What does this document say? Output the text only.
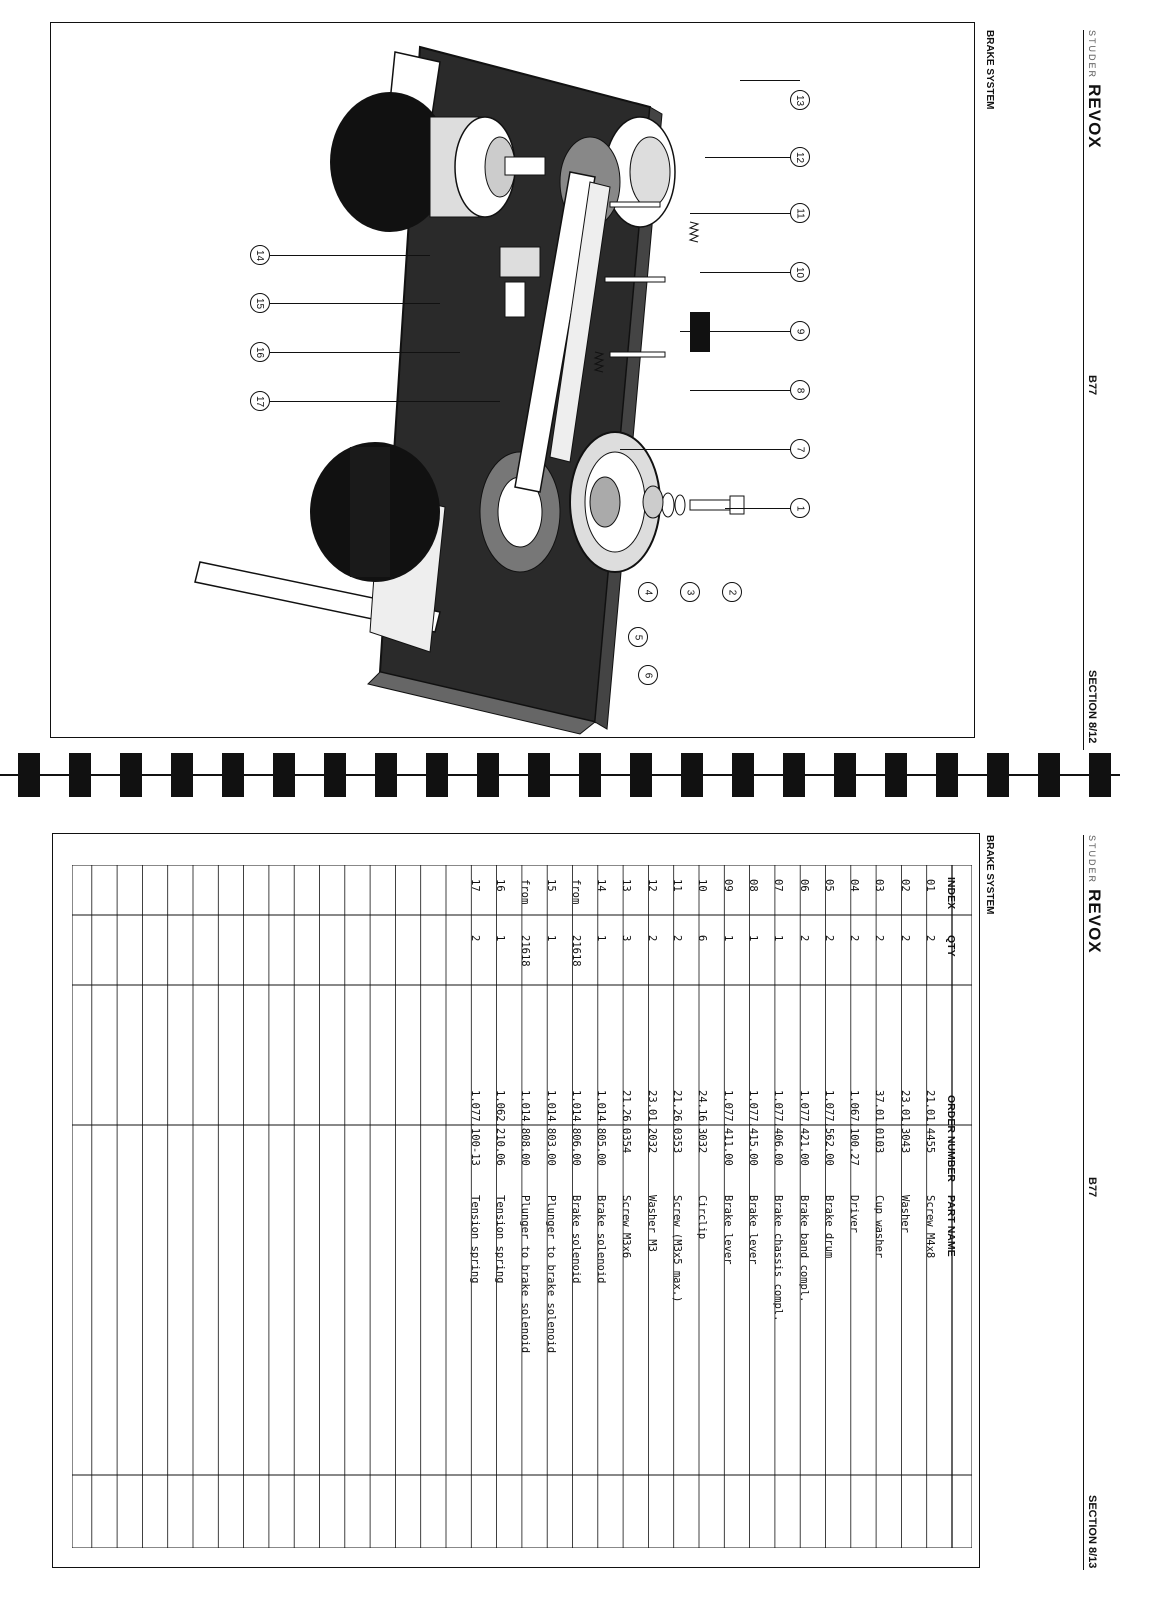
STUDER REVOX
B77
SECTION 8/12
BRAKE SYSTEM
1
2
3
4
5
6
7
8
9
10
11
12
13
14
15
16
17
STUDER REVOX
B77
SECTION 8/13
BRAKE SYSTEM
INDEX
QTY
ORDER NUMBER
PART NAME
01
2
21.01.4455
Screw M4x8
02
2
23.01.3043
Washer
03
2
37.01.0103
Cup washer
04
2
1.067.100.27
Driver
05
2
1.077.562.00
Brake drum
06
2
1.077.421.00
Brake band compl.
07
1
1.077.406.00
Brake chassis compl.
08
1
1.077.415.00
Brake lever
09
1
1.077.411.00
Brake lever
10
6
24.16.3032
Circlip
11
2
21.26.0353
Screw (M3x5 max.)
12
2
23.01.2032
Washer M3
13
3
21.26.0354
Screw M3x6
14
1
1.014.805.00
Brake solenoid
from
21618
1.014.806.00
Brake solenoid
15
1
1.014.803.00
Plunger to brake solenoid
from
21618
1.014.808.00
Plunger to brake solenoid
16
1
1.062.210.06
Tension spring
17
2
1.077.100-13
Tension spring
